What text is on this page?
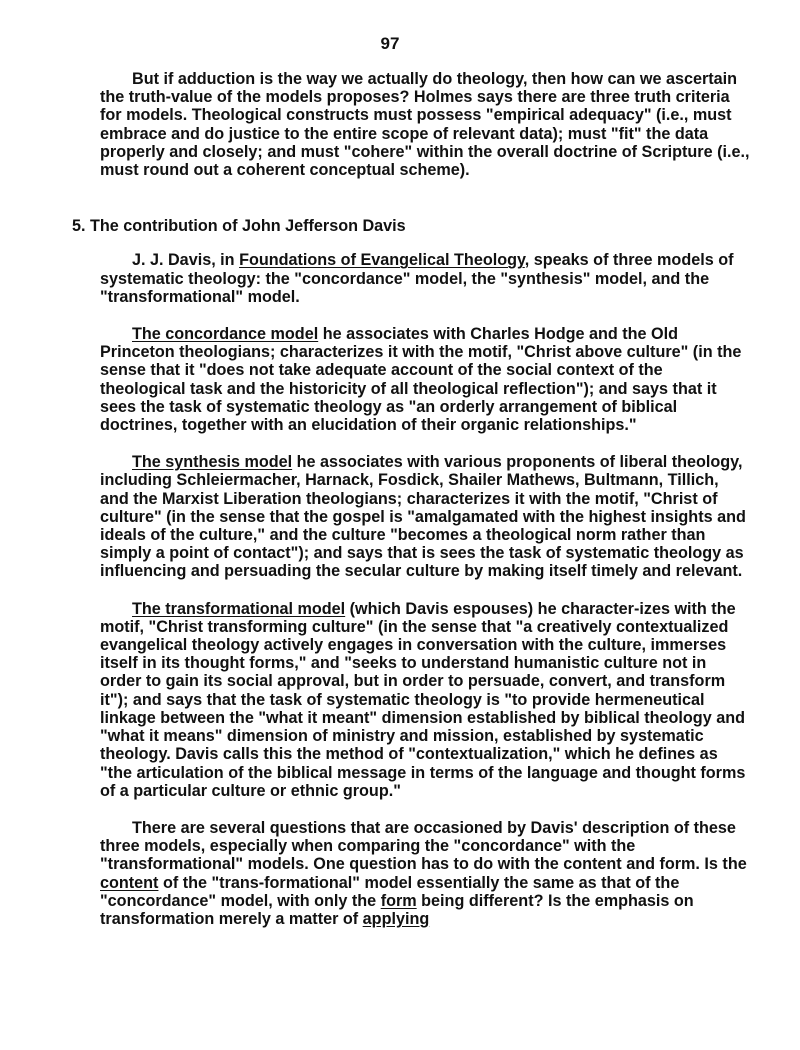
97

But if adduction is the way we actually do theology, then how can we ascertain the truth-value of the models proposes? Holmes says there are three truth criteria for models. Theological constructs must possess "empirical adequacy" (i.e., must embrace and do justice to the entire scope of relevant data); must "fit" the data properly and closely; and must "cohere" within the overall doctrine of Scripture (i.e., must round out a coherent conceptual scheme).

5. The contribution of John Jefferson Davis

J. J. Davis, in Foundations of Evangelical Theology, speaks of three models of systematic theology: the "concordance" model, the "synthesis" model, and the "transformational" model.

The concordance model he associates with Charles Hodge and the Old Princeton theologians; characterizes it with the motif, "Christ above culture" (in the sense that it "does not take adequate account of the social context of the theological task and the historicity of all theological reflection"); and says that it sees the task of systematic theology as "an orderly arrangement of biblical doctrines, together with an elucidation of their organic relationships."

The synthesis model he associates with various proponents of liberal theology, including Schleiermacher, Harnack, Fosdick, Shailer Mathews, Bultmann, Tillich, and the Marxist Liberation theologians; characterizes it with the motif, "Christ of culture" (in the sense that the gospel is "amalgamated with the highest insights and ideals of the culture," and the culture "becomes a theological norm rather than simply a point of contact"); and says that is sees the task of systematic theology as influencing and persuading the secular culture by making itself timely and relevant.

The transformational model (which Davis espouses) he character-izes with the motif, "Christ transforming culture" (in the sense that "a creatively contextualized evangelical theology actively engages in conversation with the culture, immerses itself in its thought forms," and "seeks to understand humanistic culture not in order to gain its social approval, but in order to persuade, convert, and transform it"); and says that the task of systematic theology is "to provide hermeneutical linkage between the "what it meant" dimension established by biblical theology and "what it means" dimension of ministry and mission, established by systematic theology. Davis calls this the method of "contextualization," which he defines as "the articulation of the biblical message in terms of the language and thought forms of a particular culture or ethnic group."

There are several questions that are occasioned by Davis' description of these three models, especially when comparing the "concordance" with the "transformational" models. One question has to do with the content and form. Is the content of the "trans-formational" model essentially the same as that of the "concordance" model, with only the form being different? Is the emphasis on transformation merely a matter of applying
